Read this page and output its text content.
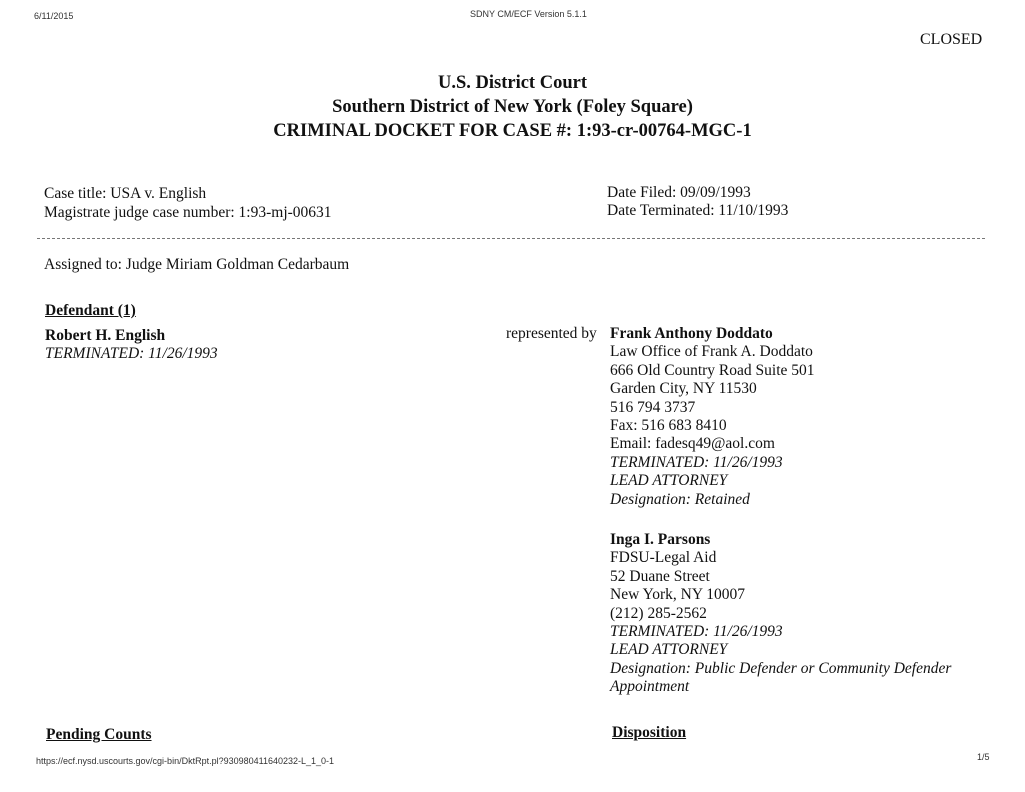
6/11/2015	SDNY CM/ECF Version 5.1.1
CLOSED
U.S. District Court
Southern District of New York (Foley Square)
CRIMINAL DOCKET FOR CASE #: 1:93-cr-00764-MGC-1
Case title: USA v. English
Magistrate judge case number: 1:93-mj-00631
Date Filed: 09/09/1993
Date Terminated: 11/10/1993
Assigned to: Judge Miriam Goldman Cedarbaum
Defendant (1)
Robert H. English
TERMINATED: 11/26/1993
represented by Frank Anthony Doddato
Law Office of Frank A. Doddato
666 Old Country Road Suite 501
Garden City, NY 11530
516 794 3737
Fax: 516 683 8410
Email: fadesq49@aol.com
TERMINATED: 11/26/1993
LEAD ATTORNEY
Designation: Retained
Inga I. Parsons
FDSU-Legal Aid
52 Duane Street
New York, NY 10007
(212) 285-2562
TERMINATED: 11/26/1993
LEAD ATTORNEY
Designation: Public Defender or Community Defender
Appointment
Pending Counts	Disposition
https://ecf.nysd.uscourts.gov/cgi-bin/DktRpt.pl?930980411640232-L_1_0-1	1/5
